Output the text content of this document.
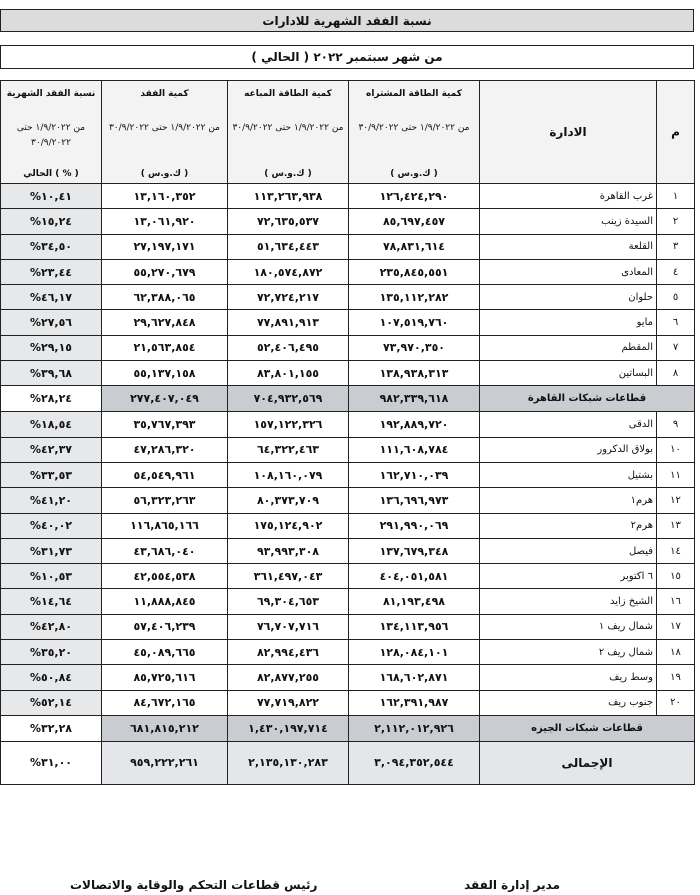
نسبة الفقد الشهرية للادارات
من شهر سبتمبر ٢٠٢٢ ( الحالي )
نسبة الفقد الشهرية
من ١/٩/٢٠٢٢ حتى ٣٠/٩/٢٠٢٢
الحالي ( % )	كمية الفقد
من ١/٩/٢٠٢٢ حتى ٣٠/٩/٢٠٢٢
( ك.و.س )	كمية الطاقة المباعه
من ١/٩/٢٠٢٢ حتى ٣٠/٩/٢٠٢٢
( ك.و.س )	كمية الطاقة المشتراه
من ١/٩/٢٠٢٢ حتى ٣٠/٩/٢٠٢٢
( ك.و.س )	الادارة	م

%١٠,٤١	١٣,١٦٠,٣٥٢	١١٣,٢٦٣,٩٣٨	١٢٦,٤٢٤,٢٩٠	غرب القاهرة	١
%١٥,٢٤	١٣,٠٦١,٩٢٠	٧٢,٦٣٥,٥٣٧	٨٥,٦٩٧,٤٥٧	السيدة زينب	٢
%٣٤,٥٠	٢٧,١٩٧,١٧١	٥١,٦٣٤,٤٤٣	٧٨,٨٣١,٦١٤	القلعة	٣
%٢٣,٤٤	٥٥,٢٧٠,٦٧٩	١٨٠,٥٧٤,٨٧٢	٢٣٥,٨٤٥,٥٥١	المعادى	٤
%٤٦,١٧	٦٢,٣٨٨,٠٦٥	٧٢,٧٢٤,٢١٧	١٣٥,١١٢,٢٨٢	حلوان	٥
%٢٧,٥٦	٢٩,٦٢٧,٨٤٨	٧٧,٨٩١,٩١٣	١٠٧,٥١٩,٧٦٠	مايو	٦
%٢٩,١٥	٢١,٥٦٣,٨٥٤	٥٢,٤٠٦,٤٩٥	٧٣,٩٧٠,٣٥٠	المقطم	٧
%٣٩,٦٨	٥٥,١٣٧,١٥٨	٨٣,٨٠١,١٥٥	١٣٨,٩٣٨,٣١٣	البساتين	٨
%٢٨,٢٤	٢٧٧,٤٠٧,٠٤٩	٧٠٤,٩٣٢,٥٦٩	٩٨٢,٣٣٩,٦١٨	قطاعات شبكات القاهرة	
%١٨,٥٤	٣٥,٧٦٧,٣٩٣	١٥٧,١٢٢,٣٢٦	١٩٢,٨٨٩,٧٢٠	الدقى	٩
%٤٢,٣٧	٤٧,٢٨٦,٣٢٠	٦٤,٣٢٢,٤٦٣	١١١,٦٠٨,٧٨٤	بولاق الدكرور	١٠
%٣٣,٥٣	٥٤,٥٤٩,٩٦١	١٠٨,١٦٠,٠٧٩	١٦٢,٧١٠,٠٣٩	بشتيل	١١
%٤١,٢٠	٥٦,٣٢٣,٢٦٣	٨٠,٣٧٣,٧٠٩	١٣٦,٦٩٦,٩٧٣	هرم١	١٢
%٤٠,٠٢	١١٦,٨٦٥,١٦٦	١٧٥,١٢٤,٩٠٢	٢٩١,٩٩٠,٠٦٩	هرم٢	١٣
%٣١,٧٣	٤٣,٦٨٦,٠٤٠	٩٣,٩٩٣,٣٠٨	١٣٧,٦٧٩,٣٤٨	فيصل	١٤
%١٠,٥٣	٤٢,٥٥٤,٥٣٨	٣٦١,٤٩٧,٠٤٣	٤٠٤,٠٥١,٥٨١	٦ اكتوبر	١٥
%١٤,٦٤	١١,٨٨٨,٨٤٥	٦٩,٣٠٤,٦٥٣	٨١,١٩٣,٤٩٨	الشيخ زايد	١٦
%٤٢,٨٠	٥٧,٤٠٦,٢٣٩	٧٦,٧٠٧,٧١٦	١٣٤,١١٣,٩٥٦	شمال ريف ١	١٧
%٣٥,٢٠	٤٥,٠٨٩,٦٦٥	٨٢,٩٩٤,٤٣٦	١٢٨,٠٨٤,١٠١	شمال ريف ٢	١٨
%٥٠,٨٤	٨٥,٧٢٥,٦١٦	٨٢,٨٧٧,٢٥٥	١٦٨,٦٠٢,٨٧١	وسط ريف	١٩
%٥٢,١٤	٨٤,٦٧٢,١٦٥	٧٧,٧١٩,٨٢٢	١٦٢,٣٩١,٩٨٧	جنوب ريف	٢٠
%٣٢,٢٨	٦٨١,٨١٥,٢١٢	١,٤٣٠,١٩٧,٧١٤	٢,١١٢,٠١٢,٩٢٦	قطاعات شبكات الجيزه	
%٣١,٠٠	٩٥٩,٢٢٢,٢٦١	٢,١٣٥,١٣٠,٢٨٣	٣,٠٩٤,٣٥٢,٥٤٤	الإجمالى	
رئيس قطاعات التحكم والوقاية والاتصالات	مدير إدارة الفقد
